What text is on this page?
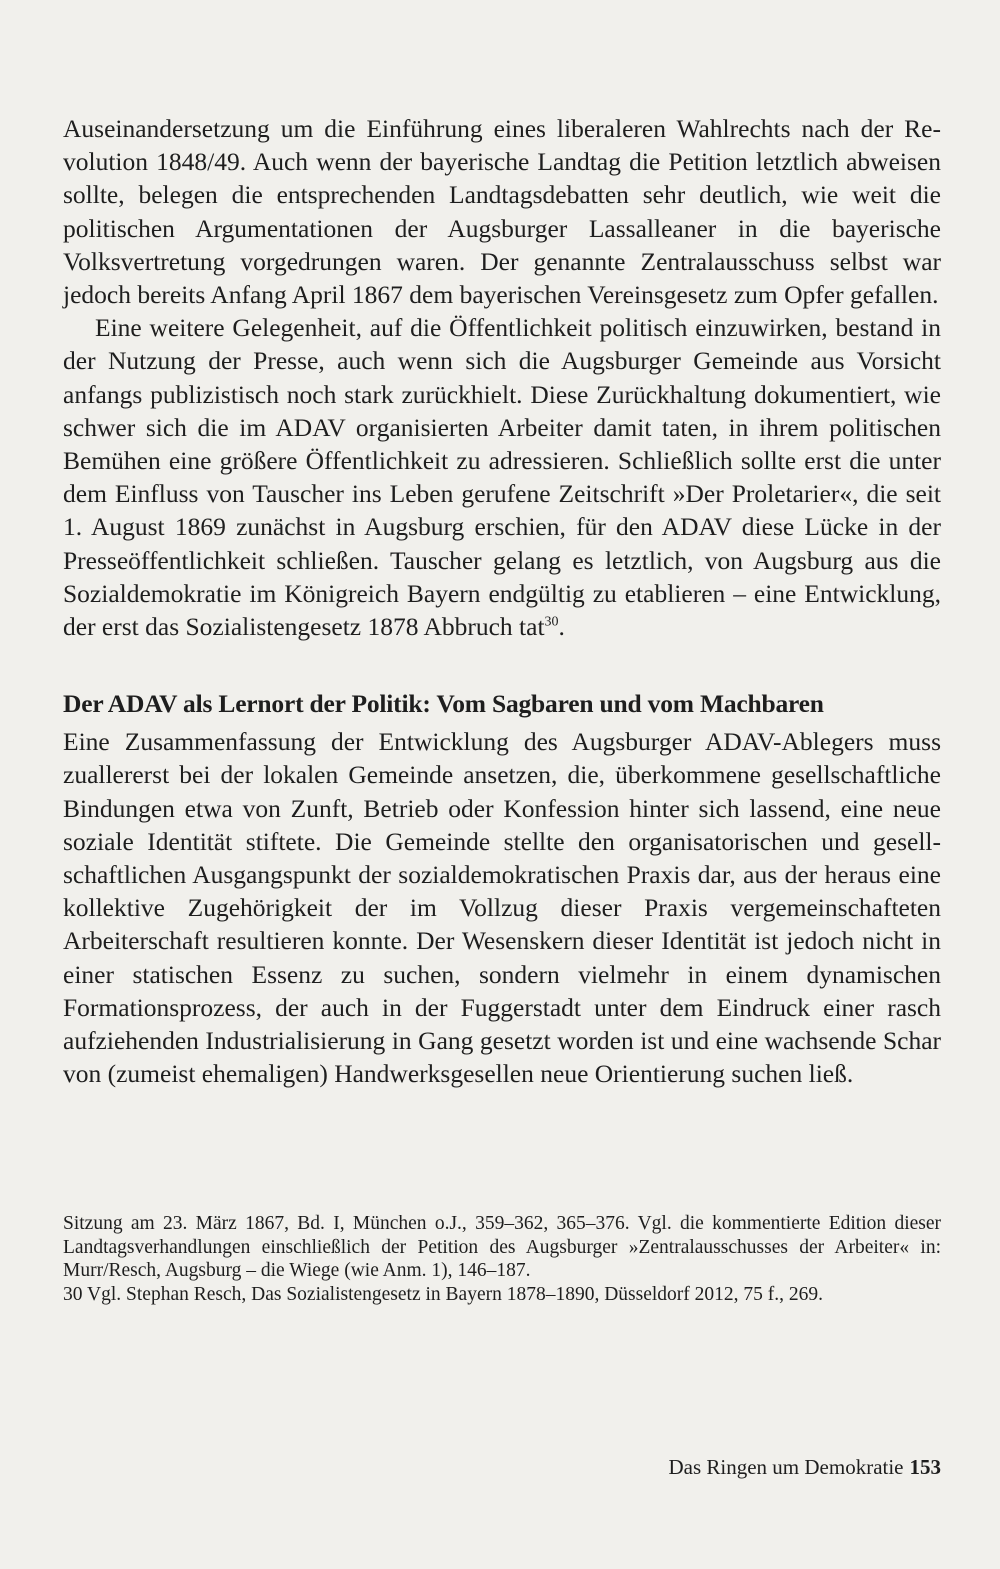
Auseinandersetzung um die Einführung eines liberaleren Wahlrechts nach der Revolution 1848/49. Auch wenn der bayerische Landtag die Petition letztlich abweisen sollte, belegen die entsprechenden Landtagsdebatten sehr deutlich, wie weit die politischen Argumentationen der Augsburger Lassalleaner in die bayerische Volksvertretung vorgedrungen waren. Der genannte Zentralausschuss selbst war jedoch bereits Anfang April 1867 dem bayerischen Vereinsgesetz zum Opfer gefallen.

Eine weitere Gelegenheit, auf die Öffentlichkeit politisch einzuwirken, bestand in der Nutzung der Presse, auch wenn sich die Augsburger Gemeinde aus Vorsicht anfangs publizistisch noch stark zurückhielt. Diese Zurückhaltung dokumentiert, wie schwer sich die im ADAV organisierten Arbeiter damit taten, in ihrem politischen Bemühen eine größere Öffentlichkeit zu adressieren. Schließlich sollte erst die unter dem Einfluss von Tauscher ins Leben gerufene Zeitschrift »Der Proletarier«, die seit 1. August 1869 zunächst in Augsburg erschien, für den ADAV diese Lücke in der Presseöffentlichkeit schließen. Tauscher gelang es letztlich, von Augsburg aus die Sozialdemokratie im Königreich Bayern endgültig zu etablieren – eine Entwicklung, der erst das Sozialistengesetz 1878 Abbruch tat$^{30}$.

Der ADAV als Lernort der Politik: Vom Sagbaren und vom Machbaren

Eine Zusammenfassung der Entwicklung des Augsburger ADAV-Ablegers muss zuallererst bei der lokalen Gemeinde ansetzen, die, überkommene gesellschaftliche Bindungen etwa von Zunft, Betrieb oder Konfession hinter sich lassend, eine neue soziale Identität stiftete. Die Gemeinde stellte den organisatorischen und gesellschaftlichen Ausgangspunkt der sozialdemokratischen Praxis dar, aus der heraus eine kollektive Zugehörigkeit der im Vollzug dieser Praxis vergemeinschafteten Arbeiterschaft resultieren konnte. Der Wesenskern dieser Identität ist jedoch nicht in einer statischen Essenz zu suchen, sondern vielmehr in einem dynamischen Formationsprozess, der auch in der Fuggerstadt unter dem Eindruck einer rasch aufziehenden Industrialisierung in Gang gesetzt worden ist und eine wachsende Schar von (zumeist ehemaligen) Handwerksgesellen neue Orientierung suchen ließ.

Sitzung am 23. März 1867, Bd. I, München o.J., 359–362, 365–376. Vgl. die kommentierte Edition dieser Landtagsverhandlungen einschließlich der Petition des Augsburger »Zentralausschusses der Arbeiter« in: Murr/Resch, Augsburg – die Wiege (wie Anm. 1), 146–187.

30 Vgl. Stephan Resch, Das Sozialistengesetz in Bayern 1878–1890, Düsseldorf 2012, 75 f., 269.

Das Ringen um Demokratie 153
